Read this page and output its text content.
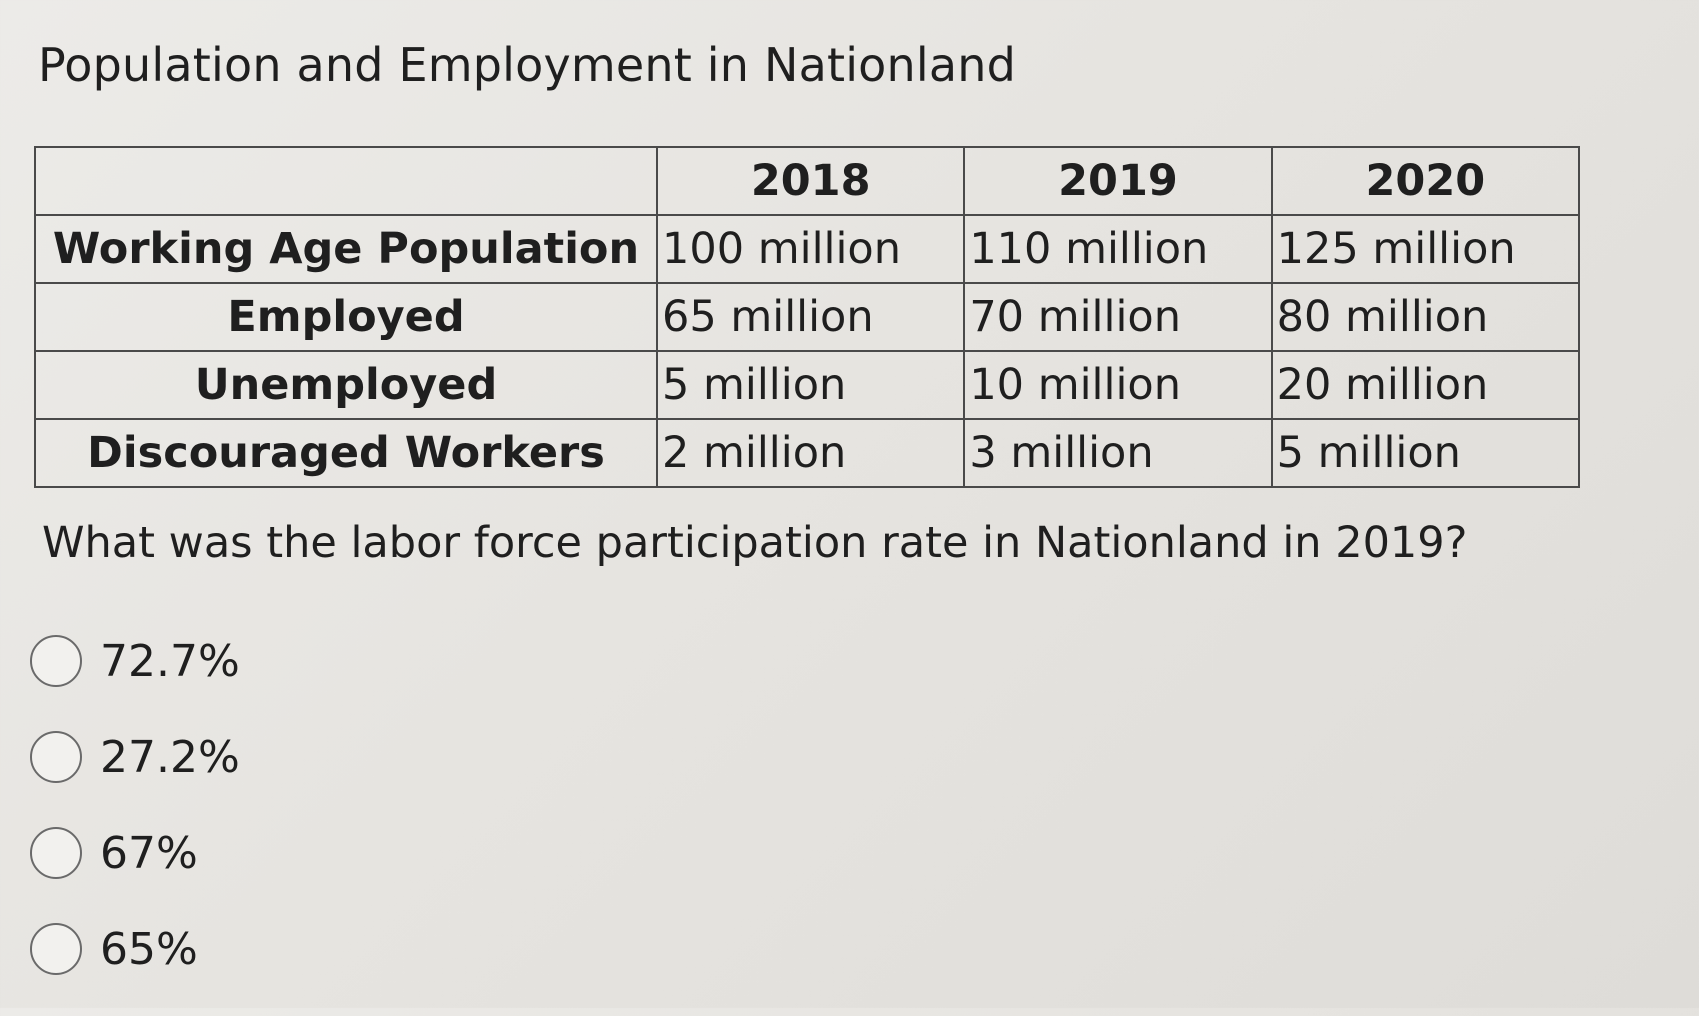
Population and Employment in Nationland
	2018	2019	2020
Working Age Population	100 million	110 million	125 million
Employed	65 million	70 million	80 million
Unemployed	5 million	10 million	20 million
Discouraged Workers	2 million	3 million	5 million
What was the labor force participation rate in Nationland in 2019?
72.7%
27.2%
67%
65%
